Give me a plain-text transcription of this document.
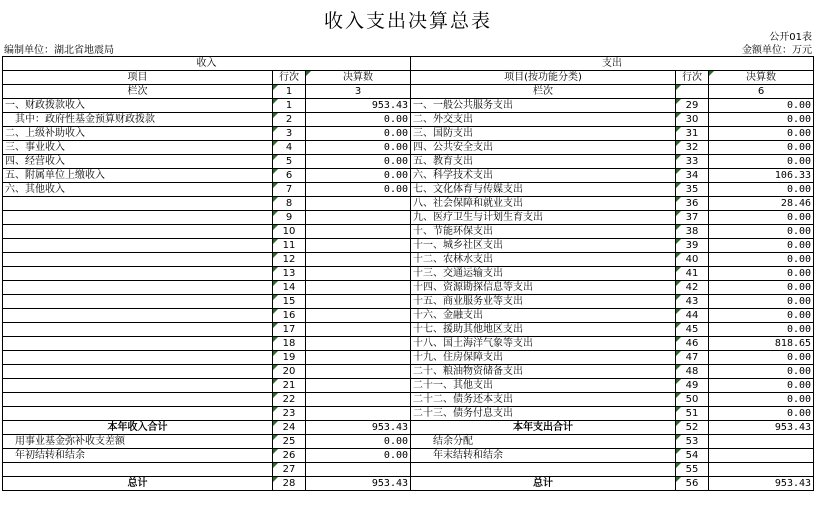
收入支出决算总表
公开01表
编制单位：湖北省地震局	金额单位：万元
收入			支出		
项目	行次	决算数	项目(按功能分类)	行次	决算数
栏次	1	3	栏次		6
一、财政拨款收入	1	953.43	一、一般公共服务支出	29	0.00
其中：政府性基金预算财政拨款	2	0.00	二、外交支出	30	0.00
二、上级补助收入	3	0.00	三、国防支出	31	0.00
三、事业收入	4	0.00	四、公共安全支出	32	0.00
四、经营收入	5	0.00	五、教育支出	33	0.00
五、附属单位上缴收入	6	0.00	六、科学技术支出	34	106.33
六、其他收入	7	0.00	七、文化体育与传媒支出	35	0.00
	8		八、社会保障和就业支出	36	28.46
	9		九、医疗卫生与计划生育支出	37	0.00
	10		十、节能环保支出	38	0.00
	11		十一、城乡社区支出	39	0.00
	12		十二、农林水支出	40	0.00
	13		十三、交通运输支出	41	0.00
	14		十四、资源勘探信息等支出	42	0.00
	15		十五、商业服务业等支出	43	0.00
	16		十六、金融支出	44	0.00
	17		十七、援助其他地区支出	45	0.00
	18		十八、国土海洋气象等支出	46	818.65
	19		十九、住房保障支出	47	0.00
	20		二十、粮油物资储备支出	48	0.00
	21		二十一、其他支出	49	0.00
	22		二十二、债务还本支出	50	0.00
	23		二十三、债务付息支出	51	0.00
本年收入合计	24	953.43	本年支出合计	52	953.43
用事业基金弥补收支差额	25	0.00	结余分配	53	
年初结转和结余	26	0.00	年末结转和结余	54	
	27			55	
总计	28	953.43	总计	56	953.43
